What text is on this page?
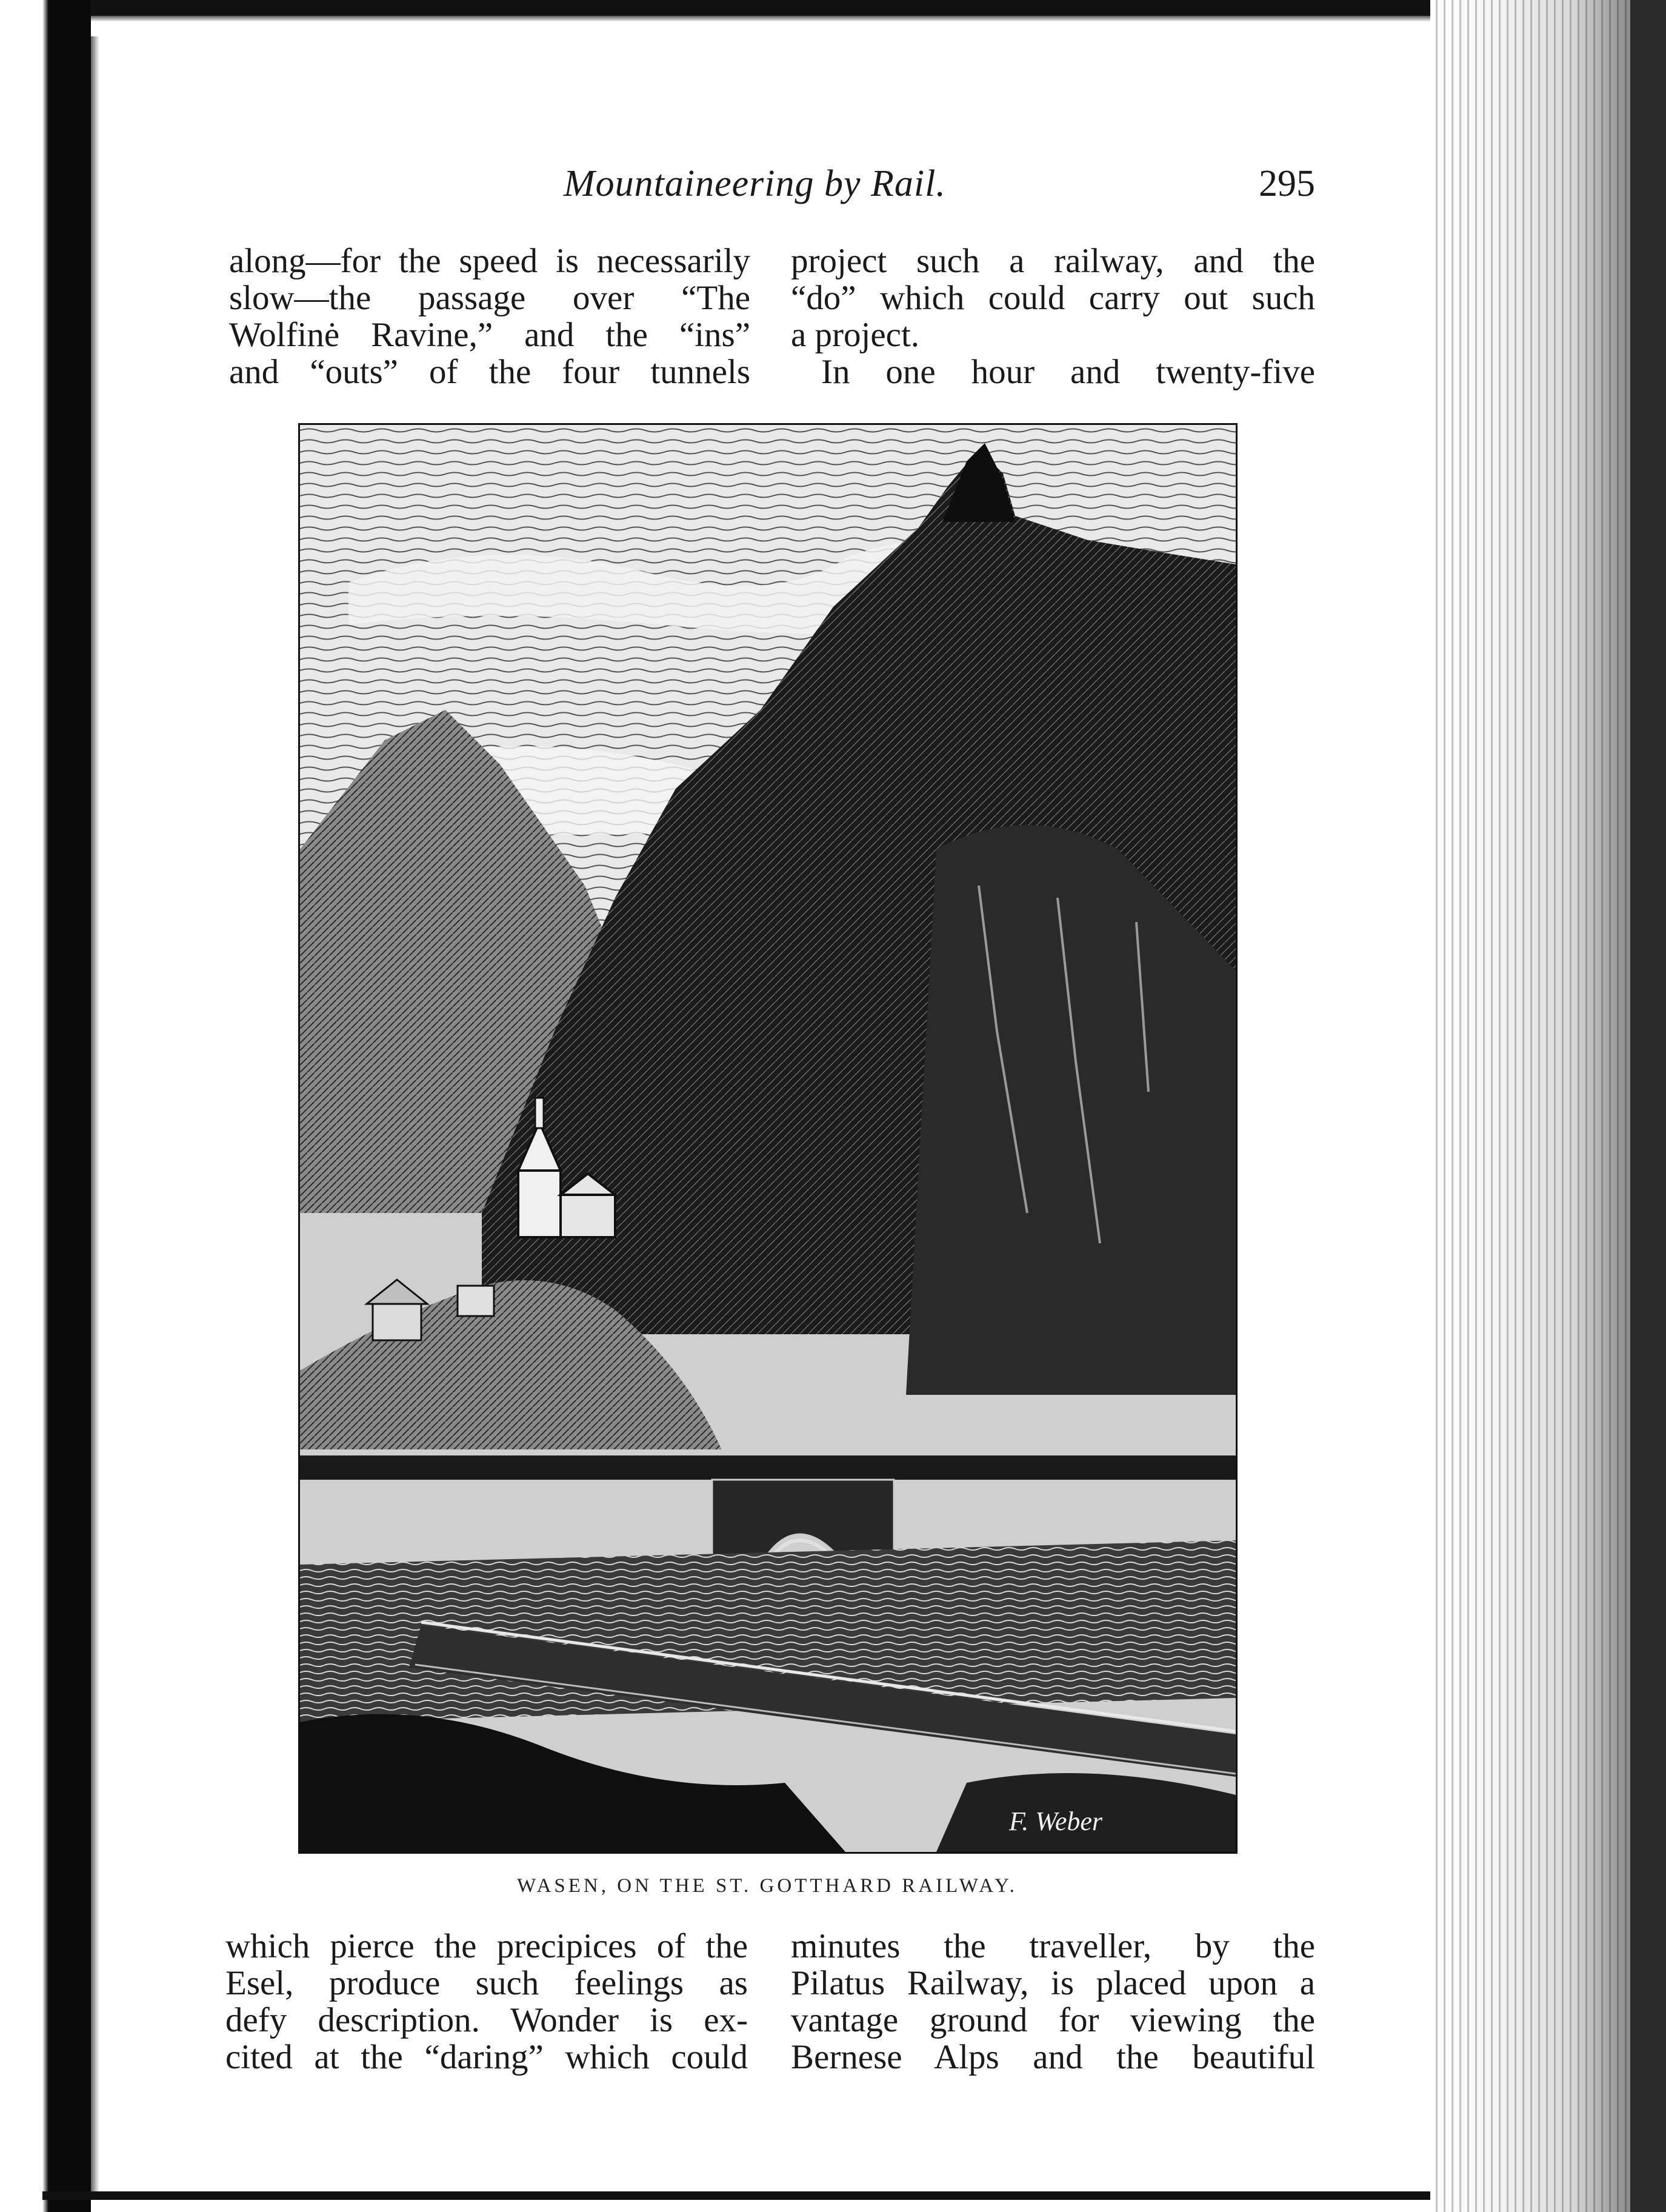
Mountaineering by Rail.	295
along—for the speed is necessarily
slow—the passage over “The
Wolfinė Ravine,” and the “ins”
and “outs” of the four tunnels
project such a railway, and the
“do” which could carry out such
a project.
In one hour and twenty-five
F. Weber
WASEN, ON THE ST. GOTTHARD RAILWAY.
which pierce the precipices of the
Esel, produce such feelings as
defy description. Wonder is ex-
cited at the “daring” which could
minutes the traveller, by the
Pilatus Railway, is placed upon a
vantage ground for viewing the
Bernese Alps and the beautiful
